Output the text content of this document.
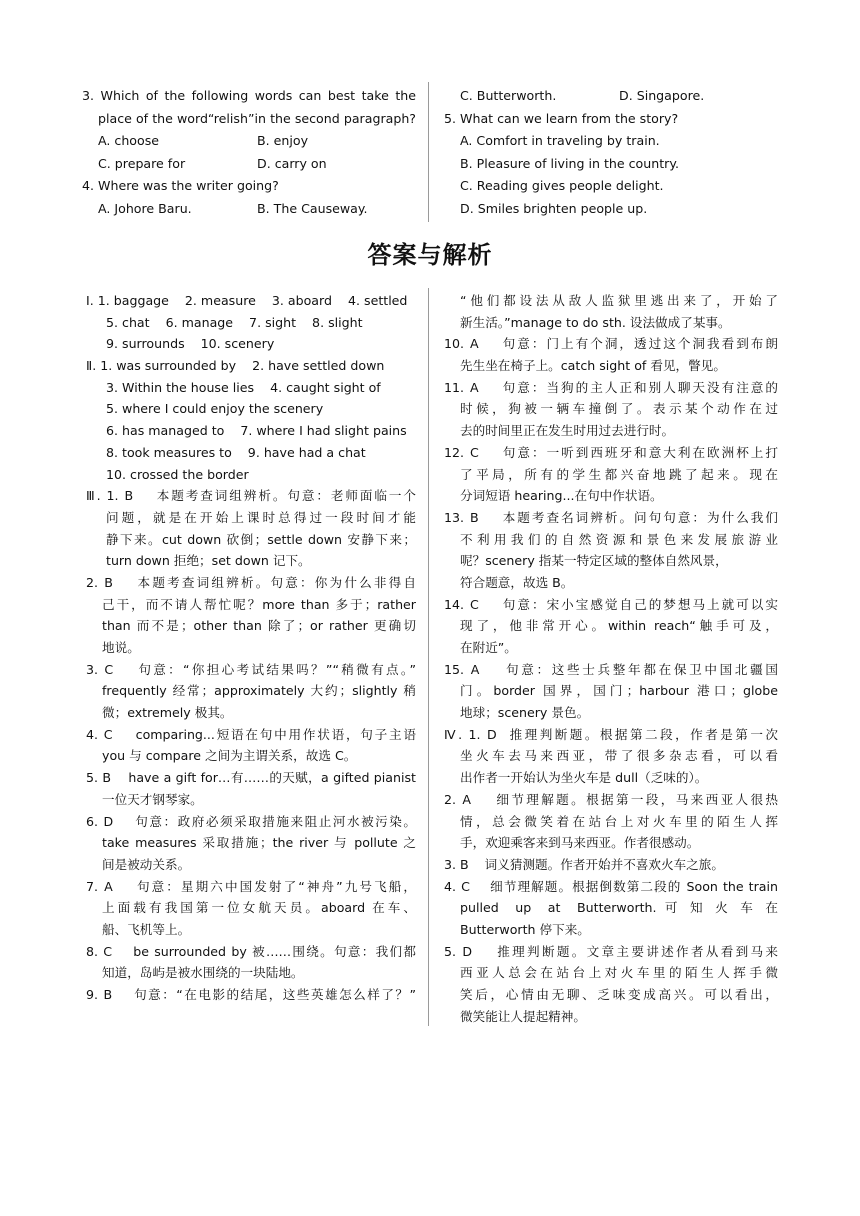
3. Which of the following words can best take the
place of the word“relish”in the second paragraph?
A. choose	B. enjoy
C. prepare for	D. carry on
4. Where was the writer going?
A. Johore Baru.	B. The Causeway.
C. Butterworth.	D. Singapore.
5. What can we learn from the story?
A. Comfort in traveling by train.
B. Pleasure of living in the country.
C. Reading gives people delight.
D. Smiles brighten people up.
答案与解析
Ⅰ. 1. baggage    2. measure    3. aboard    4. settled
5. chat    6. manage    7. sight    8. slight
9. surrounds    10. scenery
Ⅱ. 1. was surrounded by    2. have settled down
3. Within the house lies    4. caught sight of
5. where I could enjoy the scenery
6. has managed to    7. where I had slight pains
8. took measures to    9. have had a chat
10. crossed the border
Ⅲ. 1. B    本题考查词组辨析。句意：老师面临一个
问题，就是在开始上课时总得过一段时间才能
静下来。cut down 砍倒；settle down 安静下来；
turn down 拒绝；set down 记下。
2. B    本题考查词组辨析。句意：你为什么非得自
己干，而不请人帮忙呢？more than 多于；rather
than 而不是；other than 除了；or rather 更确切
地说。
3. C    句意：“你担心考试结果吗？”“稍微有点。”
frequently 经常；approximately 大约；slightly 稍
微；extremely 极其。
4. C    comparing...短语在句中用作状语，句子主语
you 与 compare 之间为主谓关系，故选 C。
5. B    have a gift for…有……的天赋，a gifted pianist
一位天才钢琴家。
6. D    句意：政府必须采取措施来阻止河水被污染。
take measures 采取措施；the river 与 pollute 之
间是被动关系。
7. A    句意：星期六中国发射了“神舟”九号飞船，
上面载有我国第一位女航天员。aboard 在车、
船、飞机等上。
8. C    be surrounded by 被……围绕。句意：我们都
知道，岛屿是被水围绕的一块陆地。
9. B    句意：“在电影的结尾，这些英雄怎么样了？”
“他们都设法从敌人监狱里逃出来了，开始了
新生活。”manage to do sth. 设法做成了某事。
10. A    句意：门上有个洞，透过这个洞我看到布朗
先生坐在椅子上。catch sight of 看见，瞥见。
11. A    句意：当狗的主人正和别人聊天没有注意的
时候，狗被一辆车撞倒了。表示某个动作在过
去的时间里正在发生时用过去进行时。
12. C    句意：一听到西班牙和意大利在欧洲杯上打
了平局，所有的学生都兴奋地跳了起来。现在
分词短语 hearing...在句中作状语。
13. B    本题考查名词辨析。问句句意：为什么我们
不利用我们的自然资源和景色来发展旅游业
呢？scenery 指某一特定区域的整体自然风景，
符合题意，故选 B。
14. C    句意：宋小宝感觉自己的梦想马上就可以实
现了，他非常开心。within reach“触手可及，
在附近”。
15. A    句意：这些士兵整年都在保卫中国北疆国
门。border 国界，国门；harbour 港口；globe
地球；scenery 景色。
Ⅳ. 1. D  推理判断题。根据第二段，作者是第一次
坐火车去马来西亚，带了很多杂志看，可以看
出作者一开始认为坐火车是 dull（乏味的）。
2. A    细节理解题。根据第一段，马来西亚人很热
情，总会微笑着在站台上对火车里的陌生人挥
手，欢迎乘客来到马来西亚。作者很感动。
3. B    词义猜测题。作者开始并不喜欢火车之旅。
4. C    细节理解题。根据倒数第二段的 Soon the train
pulled  up  at  Butterworth. 可 知 火 车 在
Butterworth 停下来。
5. D    推理判断题。文章主要讲述作者从看到马来
西亚人总会在站台上对火车里的陌生人挥手微
笑后，心情由无聊、乏味变成高兴。可以看出，
微笑能让人提起精神。
